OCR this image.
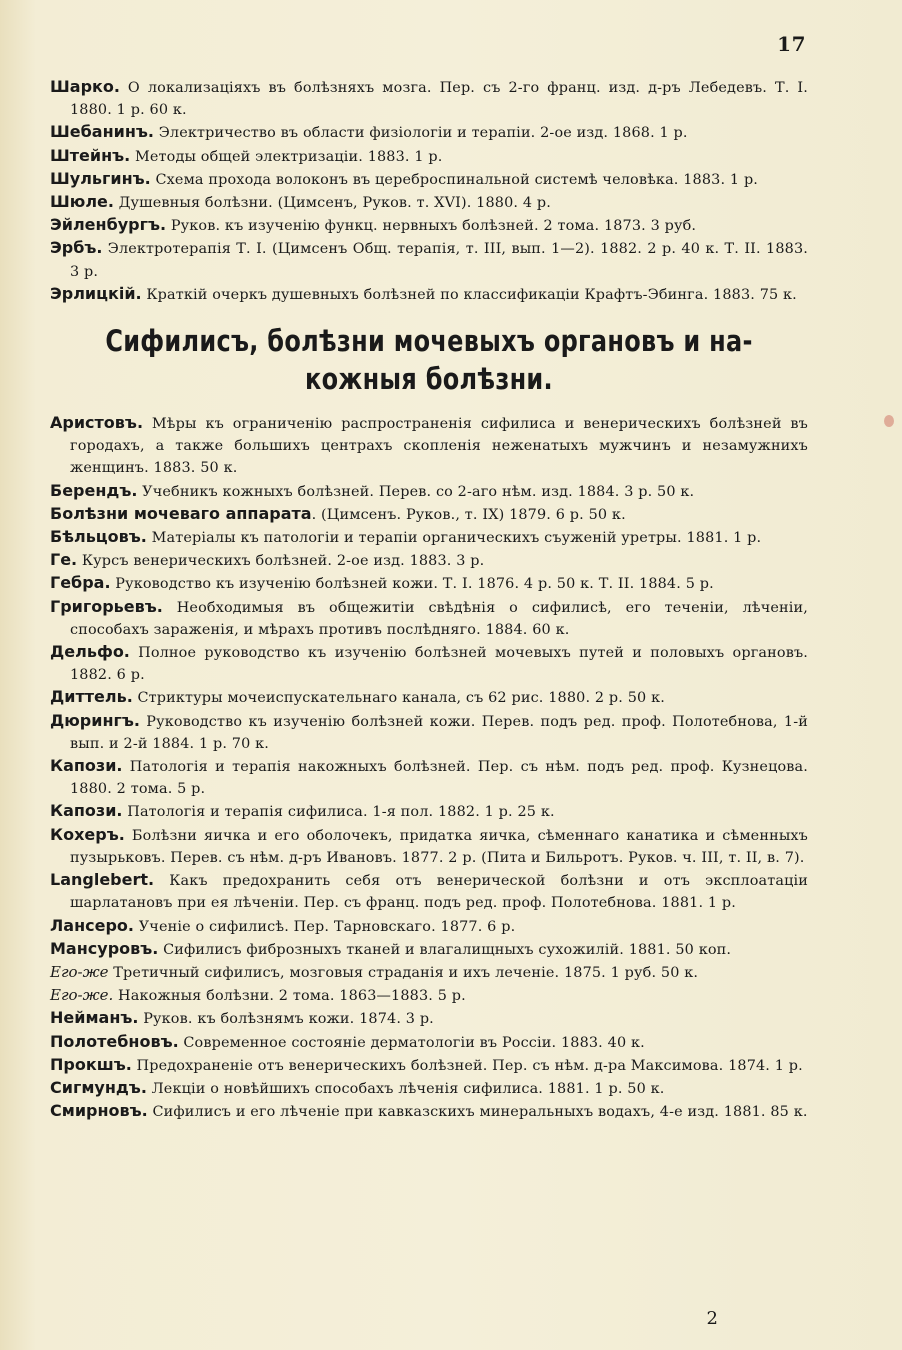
17
Шарко. О локализаціяхъ въ болѣзняхъ мозга. Пер. съ 2-го франц. изд. д-ръ Лебедевъ. Т. I. 1880. 1 р. 60 к.
Шебанинъ. Электричество въ области физіологіи и терапіи. 2-ое изд. 1868. 1 р.
Штейнъ. Методы общей электризаціи. 1883. 1 р.
Шульгинъ. Схема прохода волоконъ въ цереброспинальной системѣ человѣка. 1883. 1 р.
Шюле. Душевныя болѣзни. (Цимсенъ, Руков. т. XVI). 1880. 4 р.
Эйленбургъ. Руков. къ изученію функц. нервныхъ болѣзней. 2 тома. 1873. 3 руб.
Эрбъ. Электротерапія Т. I. (Цимсенъ Общ. терапія, т. III, вып. 1—2). 1882. 2 р. 40 к. Т. II. 1883. 3 р.
Эрлицкій. Краткій очеркъ душевныхъ болѣзней по классификаціи Крафтъ-Эбинга. 1883. 75 к.
Сифилисъ, болѣзни мочевыхъ органовъ и на-кожныя болѣзни.
Аристовъ. Мѣры къ ограниченію распространенія сифилиса и венерическихъ болѣзней въ городахъ, а также большихъ центрахъ скопленія неженатыхъ мужчинъ и незамужнихъ женщинъ. 1883. 50 к.
Берендъ. Учебникъ кожныхъ болѣзней. Перев. со 2-аго нѣм. изд. 1884. 3 р. 50 к.
Болѣзни мочеваго аппарата. (Цимсенъ. Руков., т. IX) 1879. 6 р. 50 к.
Бѣльцовъ. Матеріалы къ патологіи и терапіи органическихъ съуженій уретры. 1881. 1 р.
Ге. Курсъ венерическихъ болѣзней. 2-ое изд. 1883. 3 р.
Гебра. Руководство къ изученію болѣзней кожи. Т. I. 1876. 4 р. 50 к. Т. II. 1884. 5 р.
Григорьевъ. Необходимыя въ общежитіи свѣдѣнія о сифилисѣ, его теченіи, лѣченіи, способахъ зараженія, и мѣрахъ противъ послѣдняго. 1884. 60 к.
Дельфо. Полное руководство къ изученію болѣзней мочевыхъ путей и половыхъ органовъ. 1882. 6 р.
Диттель. Стриктуры мочеиспускательнаго канала, съ 62 рис. 1880. 2 р. 50 к.
Дюрингъ. Руководство къ изученію болѣзней кожи. Перев. подъ ред. проф. Полотебнова, 1-й вып. и 2-й 1884. 1 р. 70 к.
Капози. Патологія и терапія накожныхъ болѣзней. Пер. съ нѣм. подъ ред. проф. Кузнецова. 1880. 2 тома. 5 р.
Капози. Патологія и терапія сифилиса. 1-я пол. 1882. 1 р. 25 к.
Кохеръ. Болѣзни яичка и его оболочекъ, придатка яичка, сѣменнаго канатика и сѣменныхъ пузырьковъ. Перев. съ нѣм. д-ръ Ивановъ. 1877. 2 р. (Пита и Бильротъ. Руков. ч. III, т. II, в. 7).
Langlebert. Какъ предохранить себя отъ венерической болѣзни и отъ эксплоатаціи шарлатановъ при ея лѣченіи. Пер. съ франц. подъ ред. проф. Полотебнова. 1881. 1 р.
Лансеро. Ученіе о сифилисѣ. Пер. Тарновскаго. 1877. 6 р.
Мансуровъ. Сифилисъ фиброзныхъ тканей и влагалищныхъ сухожилій. 1881. 50 коп.
Его-же Третичный сифилисъ, мозговыя страданія и ихъ леченіе. 1875. 1 руб. 50 к.
Его-же. Накожныя болѣзни. 2 тома. 1863—1883. 5 р.
Нейманъ. Руков. къ болѣзнямъ кожи. 1874. 3 р.
Полотебновъ. Современное состояніе дерматологіи въ Россіи. 1883. 40 к.
Прокшъ. Предохраненіе отъ венерическихъ болѣзней. Пер. съ нѣм. д-ра Максимова. 1874. 1 р.
Сигмундъ. Лекціи о новѣйшихъ способахъ лѣченія сифилиса. 1881. 1 р. 50 к.
Смирновъ. Сифилисъ и его лѣченіе при кавказскихъ минеральныхъ водахъ, 4-е изд. 1881. 85 к.
2
